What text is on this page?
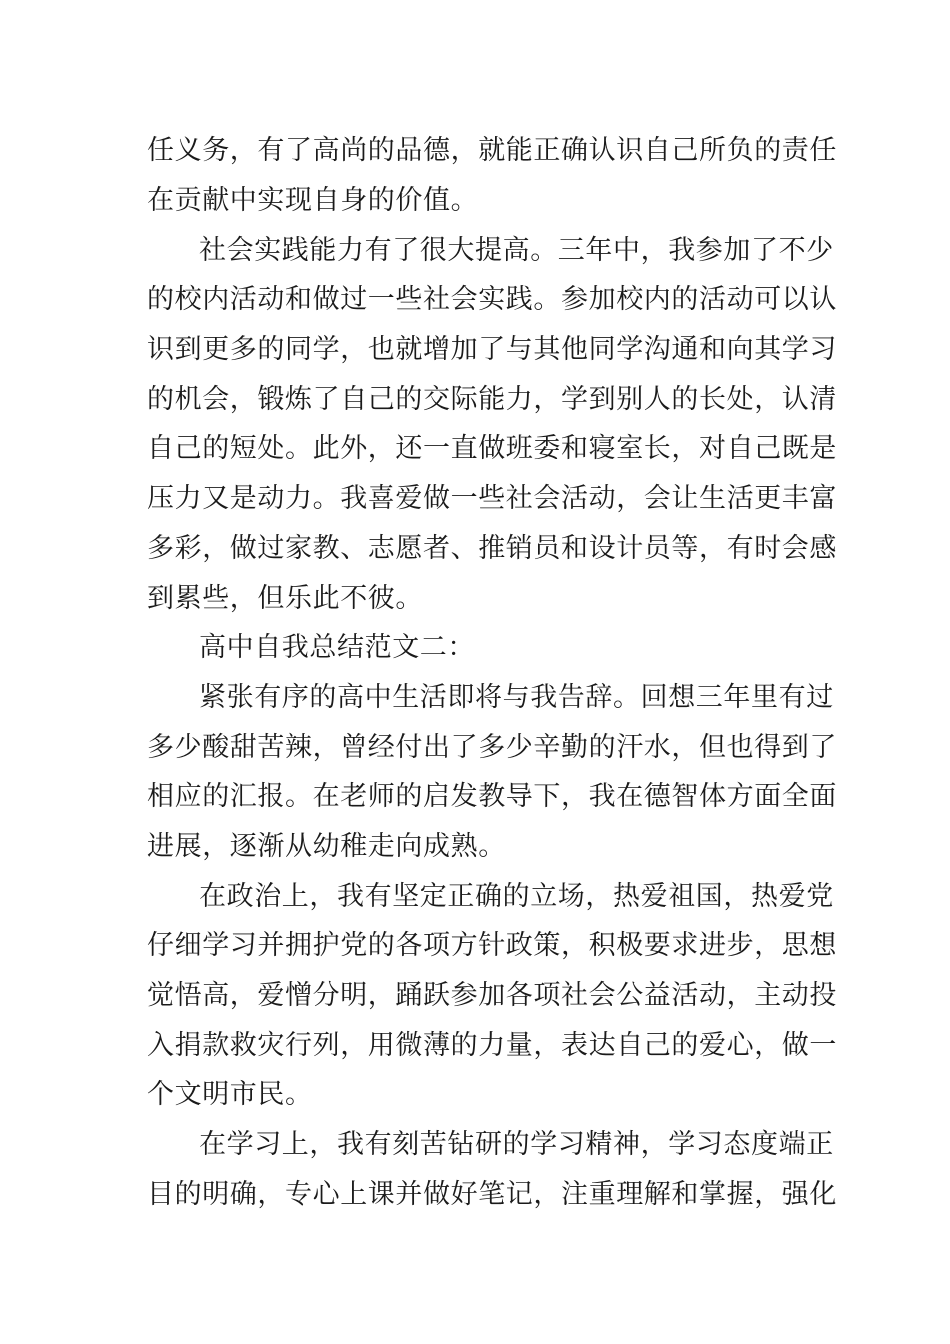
任义务，有了高尚的品德，就能正确认识自己所负的责任
在贡献中实现自身的价值。
社会实践能力有了很大提高。三年中，我参加了不少
的校内活动和做过一些社会实践。参加校内的活动可以认
识到更多的同学，也就增加了与其他同学沟通和向其学习
的机会，锻炼了自己的交际能力，学到别人的长处，认清
自己的短处。此外，还一直做班委和寝室长，对自己既是
压力又是动力。我喜爱做一些社会活动，会让生活更丰富
多彩，做过家教、志愿者、推销员和设计员等，有时会感
到累些，但乐此不彼。
高中自我总结范文二：
紧张有序的高中生活即将与我告辞。回想三年里有过
多少酸甜苦辣，曾经付出了多少辛勤的汗水，但也得到了
相应的汇报。在老师的启发教导下，我在德智体方面全面
进展，逐渐从幼稚走向成熟。
在政治上，我有坚定正确的立场，热爱祖国，热爱党
仔细学习并拥护党的各项方针政策，积极要求进步，思想
觉悟高，爱憎分明，踊跃参加各项社会公益活动，主动投
入捐款救灾行列，用微薄的力量，表达自己的爱心，做一
个文明市民。
在学习上，我有刻苦钻研的学习精神，学习态度端正
目的明确，专心上课并做好笔记，注重理解和掌握，强化
